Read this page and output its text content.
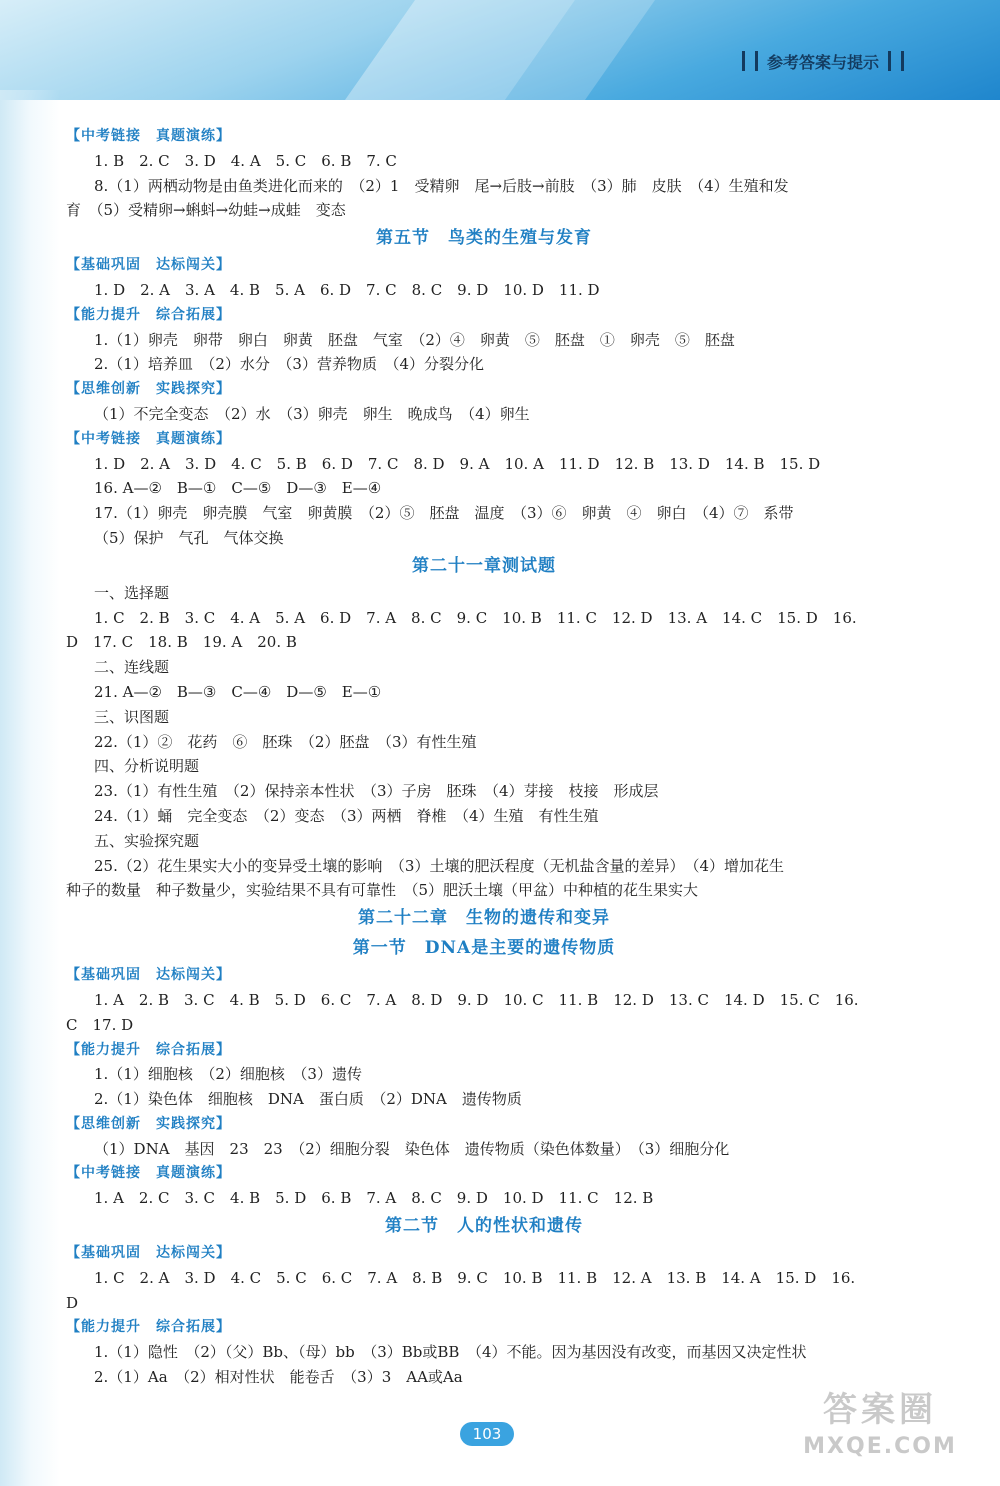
参考答案与提示
【中考链接　真题演练】
1. B　2. C　3. D　4. A　5. C　6. B　7. C
8.（1）两栖动物是由鱼类进化而来的　（2）1　受精卵　尾→后肢→前肢　（3）肺　皮肤　（4）生殖和发
育　（5）受精卵→蝌蚪→幼蛙→成蛙　变态
第五节　鸟类的生殖与发育
【基础巩固　达标闯关】
1. D　2. A　3. A　4. B　5. A　6. D　7. C　8. C　9. D　10. D　11. D
【能力提升　综合拓展】
1.（1）卵壳　卵带　卵白　卵黄　胚盘　气室　（2）④　卵黄　⑤　胚盘　①　卵壳　⑤　胚盘
2.（1）培养皿　（2）水分　（3）营养物质　（4）分裂分化
【思维创新　实践探究】
（1）不完全变态　（2）水　（3）卵壳　卵生　晚成鸟　（4）卵生
【中考链接　真题演练】
1. D　2. A　3. D　4. C　5. B　6. D　7. C　8. D　9. A　10. A　11. D　12. B　13. D　14. B　15. D
16. A—②　B—①　C—⑤　D—③　E—④
17.（1）卵壳　卵壳膜　气室　卵黄膜　（2）⑤　胚盘　温度　（3）⑥　卵黄　④　卵白　（4）⑦　系带
（5）保护　气孔　气体交换
第二十一章测试题
一、选择题
1. C　2. B　3. C　4. A　5. A　6. D　7. A　8. C　9. C　10. B　11. C　12. D　13. A　14. C　15. D　16.
D　17. C　18. B　19. A　20. B
二、连线题
21. A—②　B—③　C—④　D—⑤　E—①
三、识图题
22.（1）②　花药　⑥　胚珠　（2）胚盘　（3）有性生殖
四、分析说明题
23.（1）有性生殖　（2）保持亲本性状　（3）子房　胚珠　（4）芽接　枝接　形成层
24.（1）蛹　完全变态　（2）变态　（3）两栖　脊椎　（4）生殖　有性生殖
五、实验探究题
25.（2）花生果实大小的变异受土壤的影响　（3）土壤的肥沃程度（无机盐含量的差异）　（4）增加花生
种子的数量　种子数量少，实验结果不具有可靠性　（5）肥沃土壤（甲盆）中种植的花生果实大
第二十二章　生物的遗传和变异
第一节　DNA是主要的遗传物质
【基础巩固　达标闯关】
1. A　2. B　3. C　4. B　5. D　6. C　7. A　8. D　9. D　10. C　11. B　12. D　13. C　14. D　15. C　16.
C　17. D
【能力提升　综合拓展】
1.（1）细胞核　（2）细胞核　（3）遗传
2.（1）染色体　细胞核　DNA　蛋白质　（2）DNA　遗传物质
【思维创新　实践探究】
（1）DNA　基因　23　23　（2）细胞分裂　染色体　遗传物质（染色体数量）　（3）细胞分化
【中考链接　真题演练】
1. A　2. C　3. C　4. B　5. D　6. B　7. A　8. C　9. D　10. D　11. C　12. B
第二节　人的性状和遗传
【基础巩固　达标闯关】
1. C　2. A　3. D　4. C　5. C　6. C　7. A　8. B　9. C　10. B　11. B　12. A　13. B　14. A　15. D　16.
D
【能力提升　综合拓展】
1.（1）隐性　（2）（父）Bb、（母）bb　（3）Bb或BB　（4）不能。因为基因没有改变，而基因又决定性状
2.（1）Aa　（2）相对性状　能卷舌　（3）3　AA或Aa
103
答案圈
MXQE.COM
